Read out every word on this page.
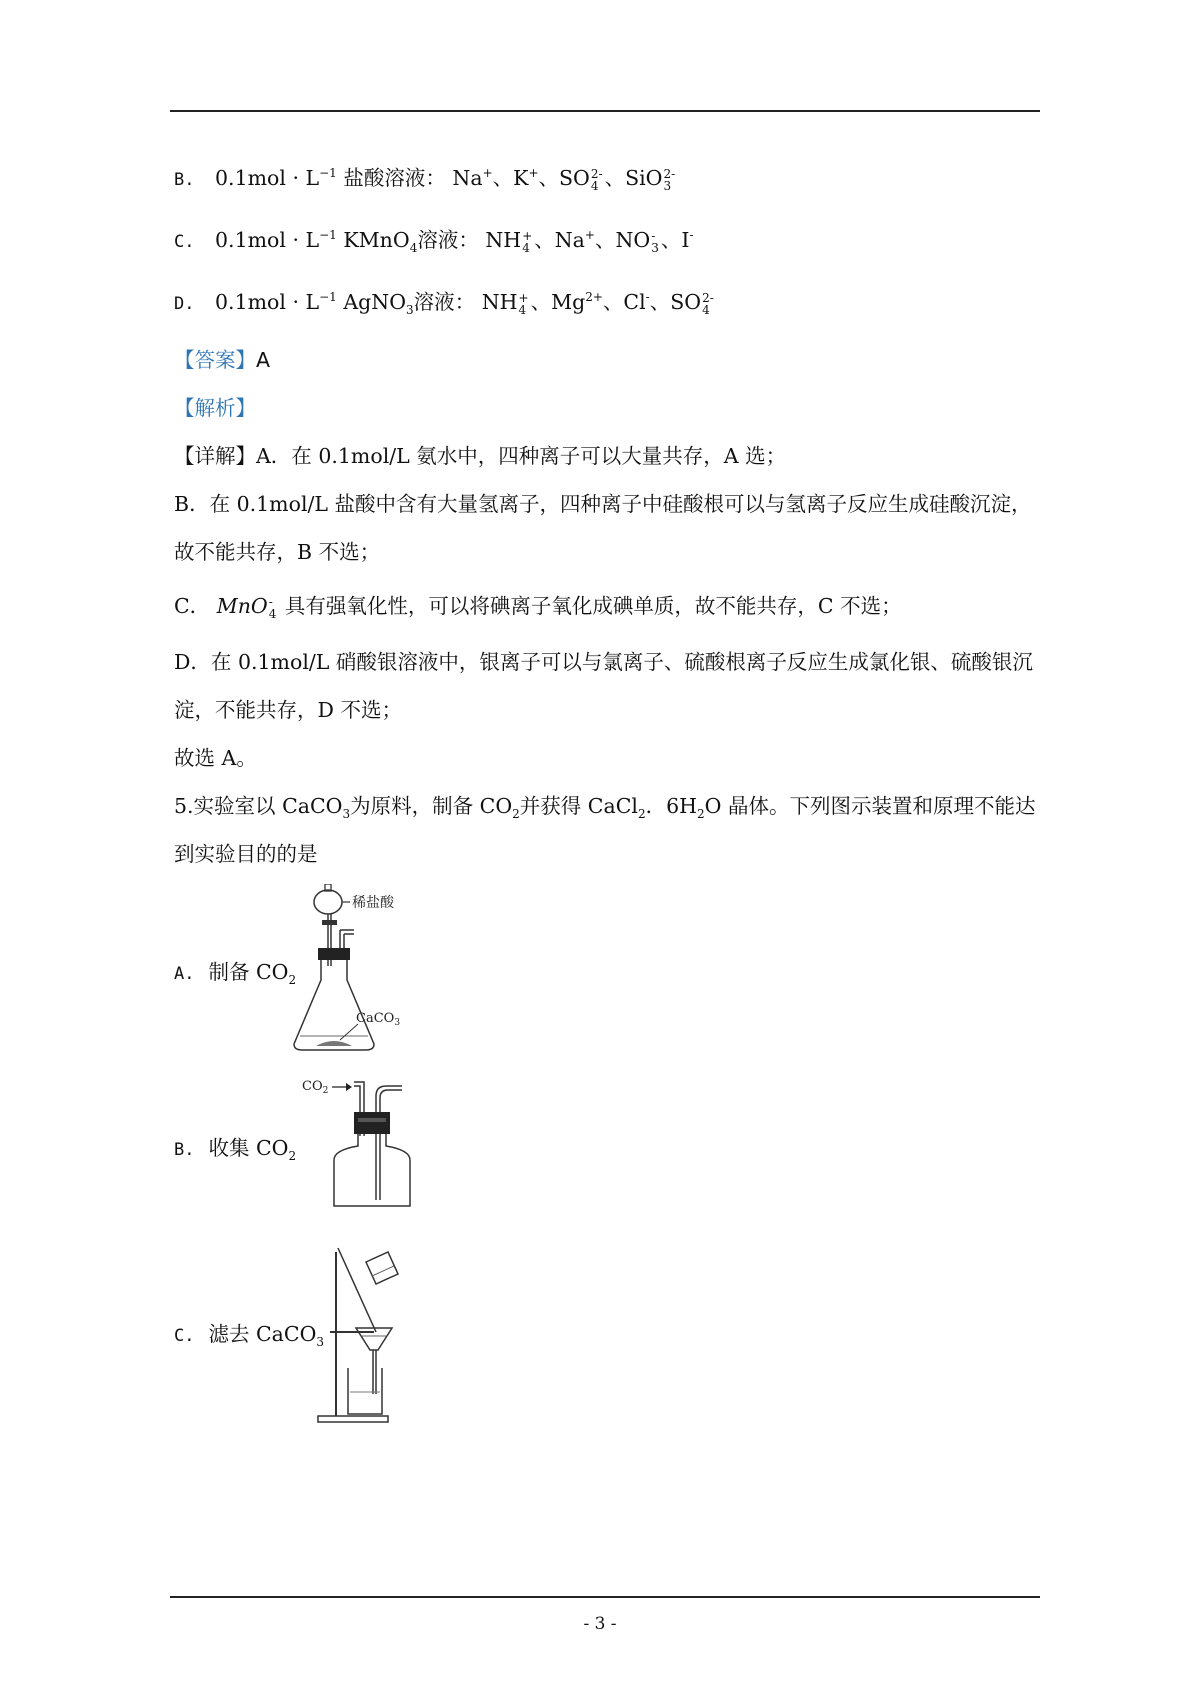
B. $0.1mol \cdot L^{-1}$ 盐酸溶液： Na+、K+、SO 2-
4 、SiO 2-
3
C. $0.1mol \cdot L^{-1}$ KMnO$_4$溶液： NH +
4 、Na+、NO -
3 、I-
D. $0.1mol \cdot L^{-1}$ AgNO$_3$溶液： NH +
4 、$Mg^{2+}$、Cl-、SO 2-
4
【答案】A
【解析】
【详解】A．在 0.1mol/L 氨水中，四种离子可以大量共存，A 选；
B．在 0.1mol/L 盐酸中含有大量氢离子，四种离子中硅酸根可以与氢离子反应生成硅酸沉淀，
故不能共存，B 不选；
C． MnO -
4 具有强氧化性，可以将碘离子氧化成碘单质，故不能共存，C 不选；
D．在 0.1mol/L 硝酸银溶液中，银离子可以与氯离子、硫酸根离子反应生成氯化银、硫酸银沉
淀，不能共存，D 不选；
故选 A。
5.实验室以 CaCO$_3$为原料，制备 $CO_2$并获得 CaCl$_2$．$6H_2O$ 晶体。下列图示装置和原理不能达
到实验目的的是
A. 制备 $CO_2$
稀盐酸
CaCO$_3$
B. 收集 $CO_2$
$CO_2$
C. 滤去 CaCO$_3$
- 3 -
